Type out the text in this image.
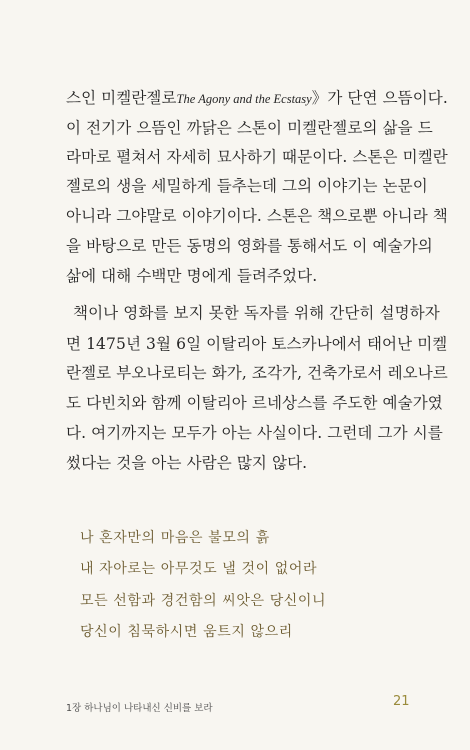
스인 미켈란젤로The Agony and the Ecstasy》가 단연 으뜸이다.
이 전기가 으뜸인 까닭은 스톤이 미켈란젤로의 삶을 드
라마로 펼쳐서 자세히 묘사하기 때문이다. 스톤은 미켈란
젤로의 생을 세밀하게 들추는데 그의 이야기는 논문이
아니라 그야말로 이야기이다. 스톤은 책으로뿐 아니라 책
을 바탕으로 만든 동명의 영화를 통해서도 이 예술가의
삶에 대해 수백만 명에게 들려주었다.
책이나 영화를 보지 못한 독자를 위해 간단히 설명하자
면 1475년 3월 6일 이탈리아 토스카나에서 태어난 미켈
란젤로 부오나로티는 화가, 조각가, 건축가로서 레오나르
도 다빈치와 함께 이탈리아 르네상스를 주도한 예술가였
다. 여기까지는 모두가 아는 사실이다. 그런데 그가 시를
썼다는 것을 아는 사람은 많지 않다.
나 혼자만의 마음은 불모의 흙
내 자아로는 아무것도 낼 것이 없어라
모든 선함과 경건함의 씨앗은 당신이니
당신이 침묵하시면 움트지 않으리
1장 하나님이 나타내신 신비를 보라	21
